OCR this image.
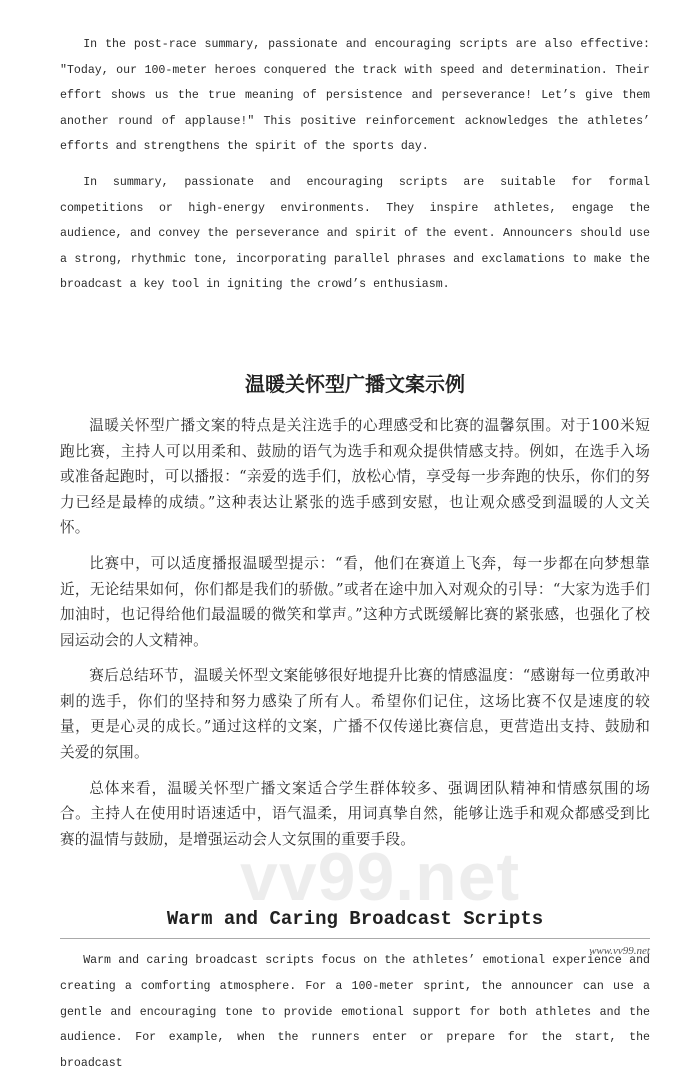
In the post-race summary, passionate and encouraging scripts are also effective: "Today, our 100-meter heroes conquered the track with speed and determination. Their effort shows us the true meaning of persistence and perseverance! Let’s give them another round of applause!" This positive reinforcement acknowledges the athletes’ efforts and strengthens the spirit of the sports day.

In summary, passionate and encouraging scripts are suitable for formal competitions or high-energy environments. They inspire athletes, engage the audience, and convey the perseverance and spirit of the event. Announcers should use a strong, rhythmic tone, incorporating parallel phrases and exclamations to make the broadcast a key tool in igniting the crowd’s enthusiasm.

温暖关怀型广播文案示例

温暖关怀型广播文案的特点是关注选手的心理感受和比赛的温馨氛围。对于100米短跑比赛，主持人可以用柔和、鼓励的语气为选手和观众提供情感支持。例如，在选手入场或准备起跑时，可以播报：“亲爱的选手们，放松心情，享受每一步奔跑的快乐，你们的努力已经是最棒的成绩。”这种表达让紧张的选手感到安慰，也让观众感受到温暖的人文关怀。

比赛中，可以适度播报温暖型提示：“看，他们在赛道上飞奔，每一步都在向梦想靠近，无论结果如何，你们都是我们的骄傲。”或者在途中加入对观众的引导：“大家为选手们加油时，也记得给他们最温暖的微笑和掌声。”这种方式既缓解比赛的紧张感，也强化了校园运动会的人文精神。

赛后总结环节，温暖关怀型文案能够很好地提升比赛的情感温度：“感谢每一位勇敢冲刺的选手，你们的坚持和努力感染了所有人。希望你们记住，这场比赛不仅是速度的较量，更是心灵的成长。”通过这样的文案，广播不仅传递比赛信息，更营造出支持、鼓励和关爱的氛围。

总体来看，温暖关怀型广播文案适合学生群体较多、强调团队精神和情感氛围的场合。主持人在使用时语速适中，语气温柔，用词真挚自然，能够让选手和观众都感受到比赛的温情与鼓励，是增强运动会人文氛围的重要手段。

Warm and Caring Broadcast Scripts

Warm and caring broadcast scripts focus on the athletes’ emotional experience and creating a comforting atmosphere. For a 100-meter sprint, the announcer can use a gentle and encouraging tone to provide emotional support for both athletes and the audience. For example, when the runners enter or prepare for the start, the broadcast

vv99.net
www.vv99.net
